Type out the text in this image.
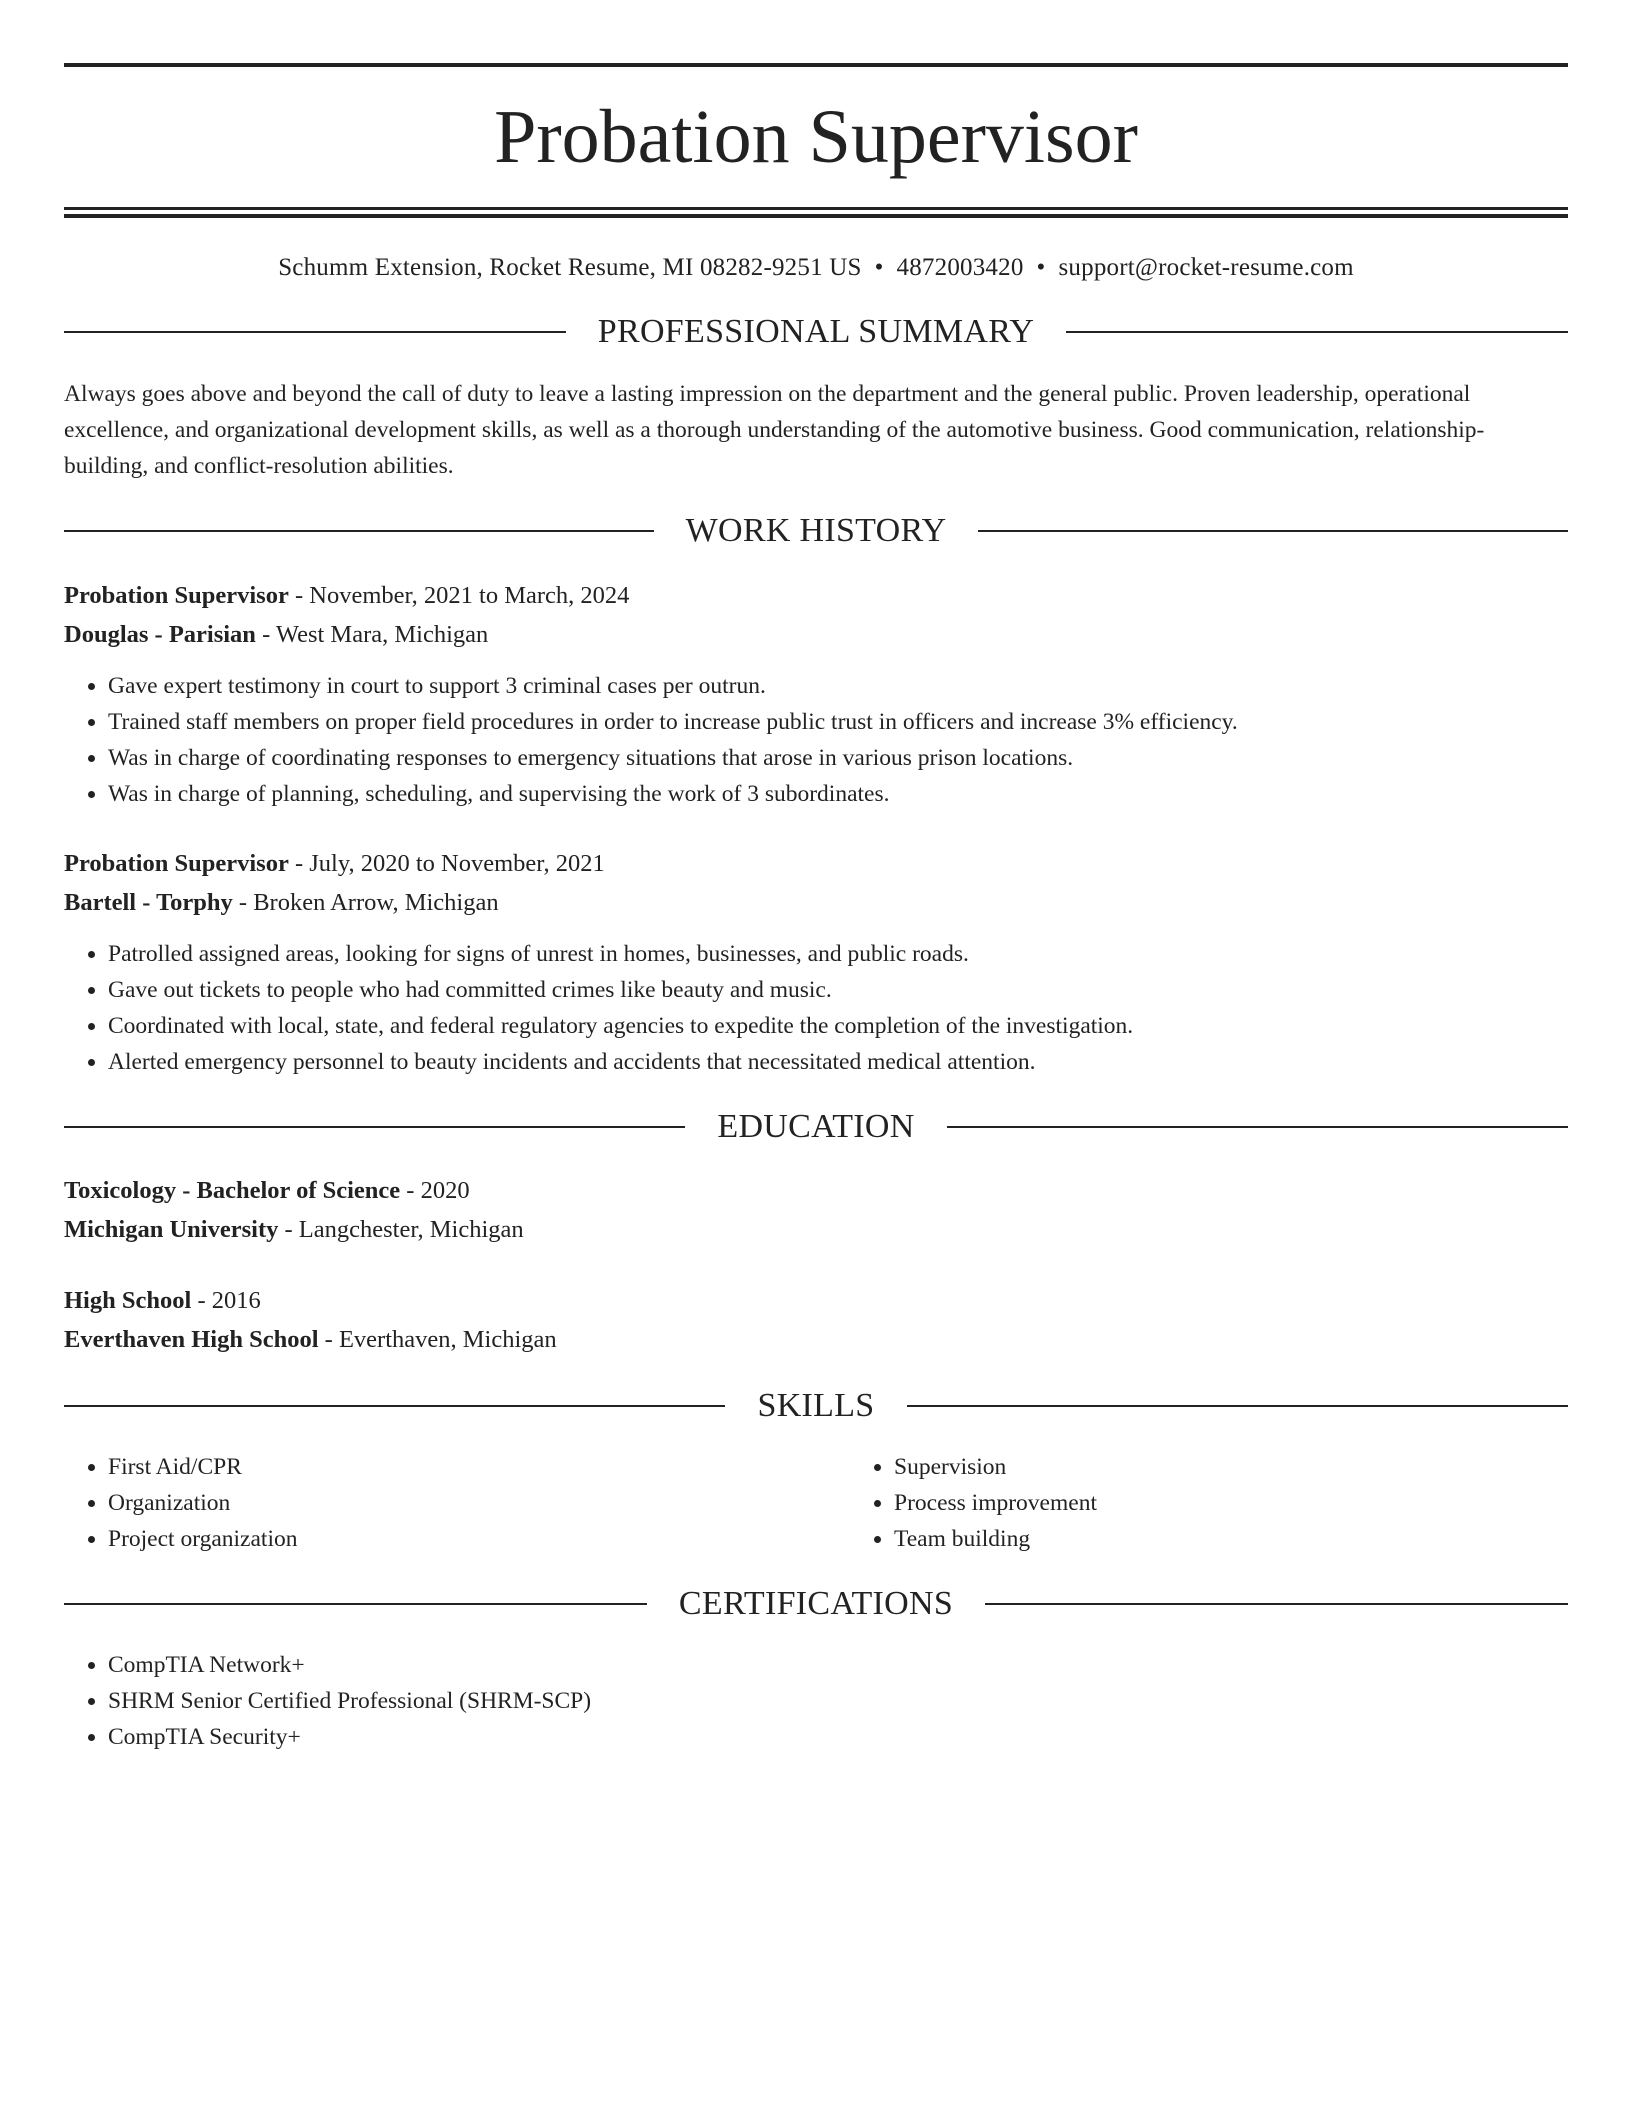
Probation Supervisor
Schumm Extension, Rocket Resume, MI 08282-9251 US • 4872003420 • support@rocket-resume.com
PROFESSIONAL SUMMARY

Always goes above and beyond the call of duty to leave a lasting impression on the department and the general public. Proven leadership, operational excellence, and organizational development skills, as well as a thorough understanding of the automotive business. Good communication, relationship-building, and conflict-resolution abilities.

WORK HISTORY

Probation Supervisor - November, 2021 to March, 2024

Douglas - Parisian - West Mara, Michigan

• Gave expert testimony in court to support 3 criminal cases per outrun.
• Trained staff members on proper field procedures in order to increase public trust in officers and increase 3% efficiency.
• Was in charge of coordinating responses to emergency situations that arose in various prison locations.
• Was in charge of planning, scheduling, and supervising the work of 3 subordinates.

Probation Supervisor - July, 2020 to November, 2021

Bartell - Torphy - Broken Arrow, Michigan

• Patrolled assigned areas, looking for signs of unrest in homes, businesses, and public roads.
• Gave out tickets to people who had committed crimes like beauty and music.
• Coordinated with local, state, and federal regulatory agencies to expedite the completion of the investigation.
• Alerted emergency personnel to beauty incidents and accidents that necessitated medical attention.
EDUCATION

Toxicology - Bachelor of Science - 2020

Michigan University - Langchester, Michigan

High School - 2016

Everthaven High School - Everthaven, Michigan

SKILLS
• First Aid/CPR
• Organization
• Project organization
• Supervision
• Process improvement
• Team building
CERTIFICATIONS
• CompTIA Network+
• SHRM Senior Certified Professional (SHRM-SCP)
• CompTIA Security+
